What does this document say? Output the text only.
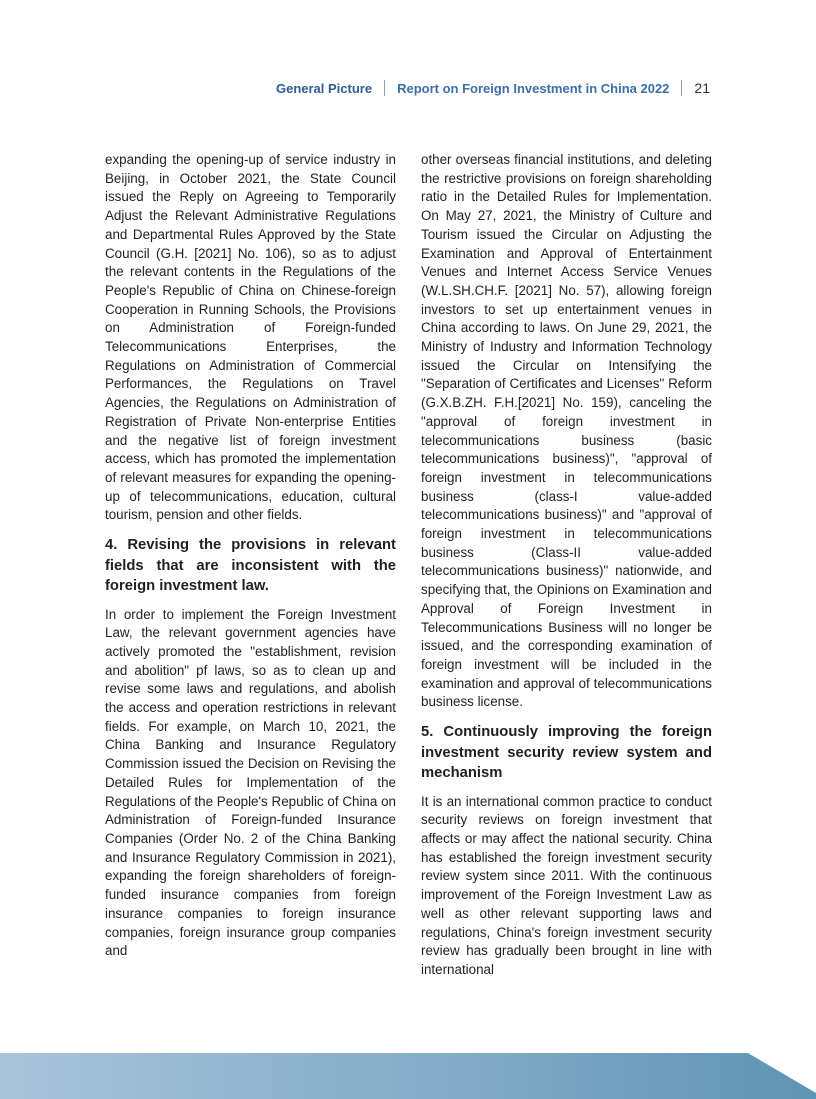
General Picture Report on Foreign Investment in China 2022 21

expanding the opening-up of service industry in Beijing, in October 2021, the State Council issued the Reply on Agreeing to Temporarily Adjust the Relevant Administrative Regulations and Departmental Rules Approved by the State Council (G.H. [2021] No. 106), so as to adjust the relevant contents in the Regulations of the People's Republic of China on Chinese-foreign Cooperation in Running Schools, the Provisions on Administration of Foreign-funded Telecommunications Enterprises, the Regulations on Administration of Commercial Performances, the Regulations on Travel Agencies, the Regulations on Administration of Registration of Private Non-enterprise Entities and the negative list of foreign investment access, which has promoted the implementation of relevant measures for expanding the opening-up of telecommunications, education, cultural tourism, pension and other fields.

4. Revising the provisions in relevant fields that are inconsistent with the foreign investment law.

In order to implement the Foreign Investment Law, the relevant government agencies have actively promoted the "establishment, revision and abolition" pf laws, so as to clean up and revise some laws and regulations, and abolish the access and operation restrictions in relevant fields. For example, on March 10, 2021, the China Banking and Insurance Regulatory Commission issued the Decision on Revising the Detailed Rules for Implementation of the Regulations of the People's Republic of China on Administration of Foreign-funded Insurance Companies (Order No. 2 of the China Banking and Insurance Regulatory Commission in 2021), expanding the foreign shareholders of foreign-funded insurance companies from foreign insurance companies to foreign insurance companies, foreign insurance group companies and

other overseas financial institutions, and deleting the restrictive provisions on foreign shareholding ratio in the Detailed Rules for Implementation. On May 27, 2021, the Ministry of Culture and Tourism issued the Circular on Adjusting the Examination and Approval of Entertainment Venues and Internet Access Service Venues (W.L.SH.CH.F. [2021] No. 57), allowing foreign investors to set up entertainment venues in China according to laws. On June 29, 2021, the Ministry of Industry and Information Technology issued the Circular on Intensifying the "Separation of Certificates and Licenses" Reform (G.X.B.ZH. F.H.[2021] No. 159), canceling the "approval of foreign investment in telecommunications business (basic telecommunications business)", "approval of foreign investment in telecommunications business (class-I value-added telecommunications business)" and "approval of foreign investment in telecommunications business (Class-II value-added telecommunications business)" nationwide, and specifying that, the Opinions on Examination and Approval of Foreign Investment in Telecommunications Business will no longer be issued, and the corresponding examination of foreign investment will be included in the examination and approval of telecommunications business license.

5. Continuously improving the foreign investment security review system and mechanism

It is an international common practice to conduct security reviews on foreign investment that affects or may affect the national security. China has established the foreign investment security review system since 2011. With the continuous improvement of the Foreign Investment Law as well as other relevant supporting laws and regulations, China's foreign investment security review has gradually been brought in line with international
